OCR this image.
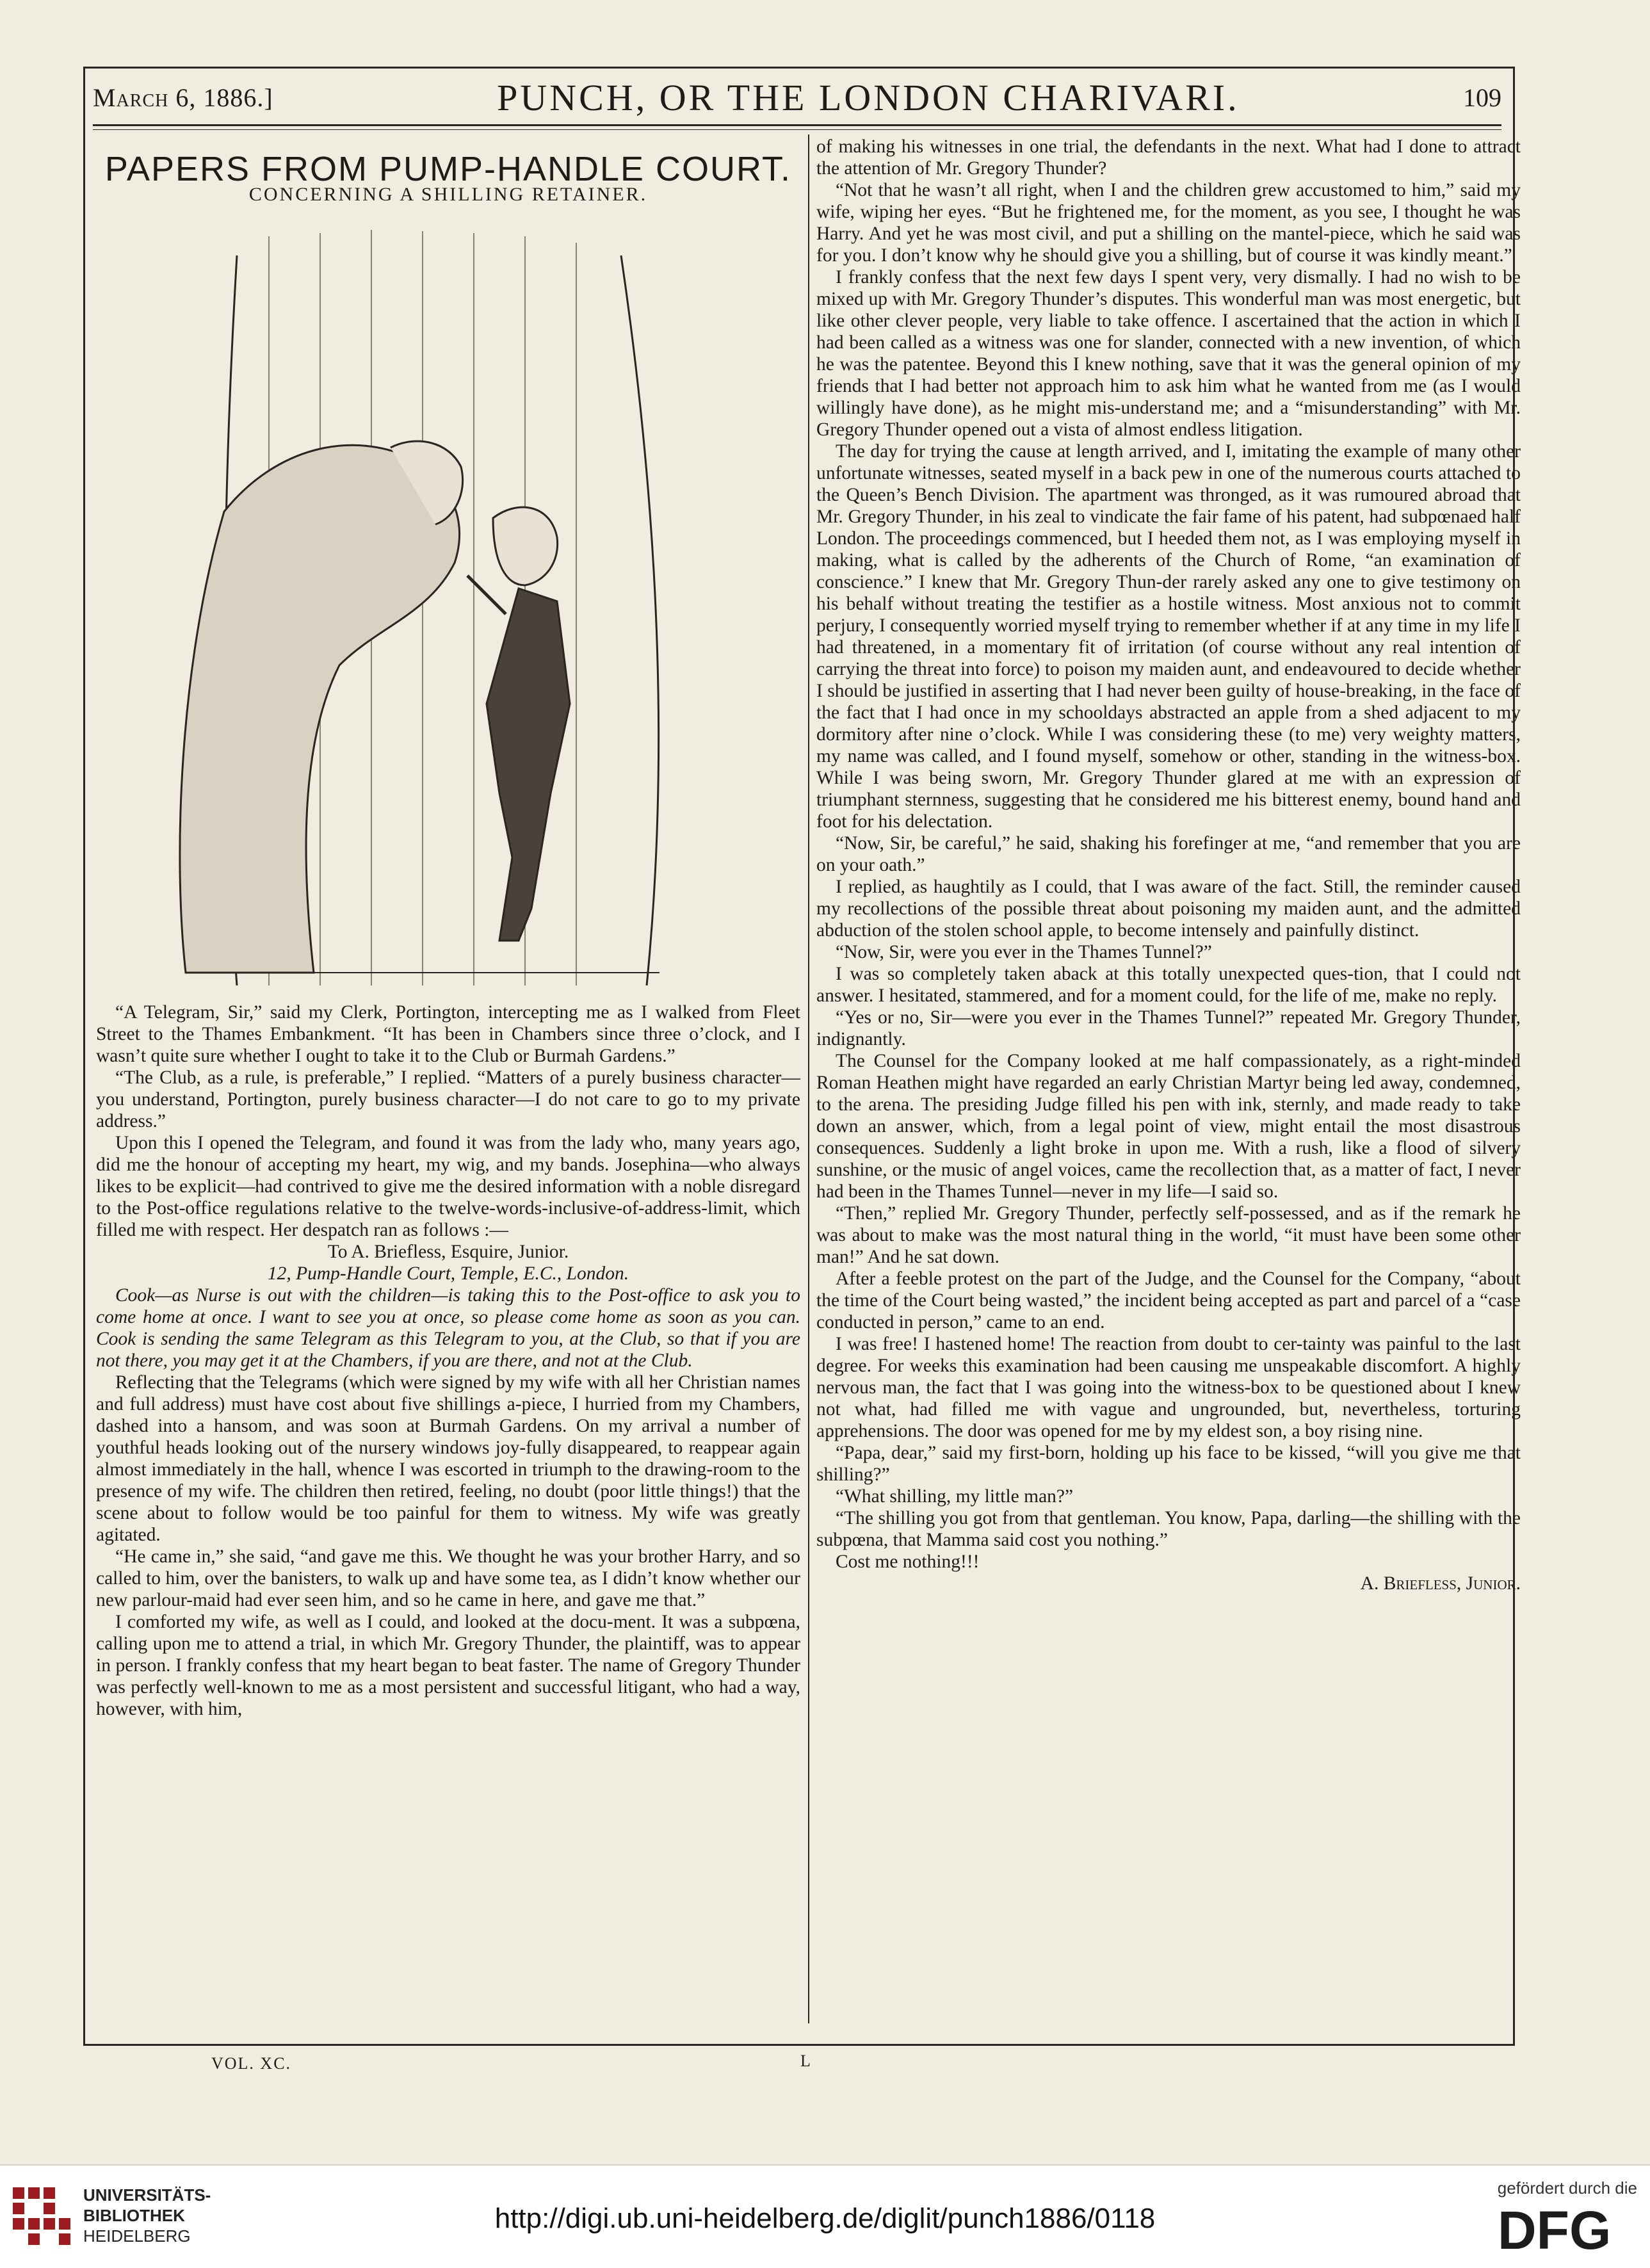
March 6, 1886.]	PUNCH, OR THE LONDON CHARIVARI.	109
PAPERS FROM PUMP-HANDLE COURT.
CONCERNING A SHILLING RETAINER.

“A Telegram, Sir,” said my Clerk, Portington, intercepting me as I walked from Fleet Street to the Thames Embankment. “It has been in Chambers since three o’clock, and I wasn’t quite sure whether I ought to take it to the Club or Burmah Gardens.”

“The Club, as a rule, is preferable,” I replied. “Matters of a purely business character—you understand, Portington, purely business character—I do not care to go to my private address.”

Upon this I opened the Telegram, and found it was from the lady who, many years ago, did me the honour of accepting my heart, my wig, and my bands. Josephina—who always likes to be explicit—had contrived to give me the desired information with a noble disregard to the Post-office regulations relative to the twelve-words-inclusive-of-address-limit, which filled me with respect. Her despatch ran as follows :—

To A. Briefless, Esquire, Junior.

12, Pump-Handle Court, Temple, E.C., London.

Cook—as Nurse is out with the children—is taking this to the Post-office to ask you to come home at once. I want to see you at once, so please come home as soon as you can. Cook is sending the same Telegram as this Telegram to you, at the Club, so that if you are not there, you may get it at the Chambers, if you are there, and not at the Club.

Reflecting that the Telegrams (which were signed by my wife with all her Christian names and full address) must have cost about five shillings a-piece, I hurried from my Chambers, dashed into a hansom, and was soon at Burmah Gardens. On my arrival a number of youthful heads looking out of the nursery windows joy-fully disappeared, to reappear again almost immediately in the hall, whence I was escorted in triumph to the drawing-room to the presence of my wife. The children then retired, feeling, no doubt (poor little things!) that the scene about to follow would be too painful for them to witness. My wife was greatly agitated.

“He came in,” she said, “and gave me this. We thought he was your brother Harry, and so called to him, over the banisters, to walk up and have some tea, as I didn’t know whether our new parlour-maid had ever seen him, and so he came in here, and gave me that.”

I comforted my wife, as well as I could, and looked at the docu-ment. It was a subpœna, calling upon me to attend a trial, in which Mr. Gregory Thunder, the plaintiff, was to appear in person. I frankly confess that my heart began to beat faster. The name of Gregory Thunder was perfectly well-known to me as a most persistent and successful litigant, who had a way, however, with him,

of making his witnesses in one trial, the defendants in the next. What had I done to attract the attention of Mr. Gregory Thunder?

“Not that he wasn’t all right, when I and the children grew accustomed to him,” said my wife, wiping her eyes. “But he frightened me, for the moment, as you see, I thought he was Harry. And yet he was most civil, and put a shilling on the mantel-piece, which he said was for you. I don’t know why he should give you a shilling, but of course it was kindly meant.”

I frankly confess that the next few days I spent very, very dismally. I had no wish to be mixed up with Mr. Gregory Thunder’s disputes. This wonderful man was most energetic, but like other clever people, very liable to take offence. I ascertained that the action in which I had been called as a witness was one for slander, connected with a new invention, of which he was the patentee. Beyond this I knew nothing, save that it was the general opinion of my friends that I had better not approach him to ask him what he wanted from me (as I would willingly have done), as he might mis-understand me; and a “misunderstanding” with Mr. Gregory Thunder opened out a vista of almost endless litigation.

The day for trying the cause at length arrived, and I, imitating the example of many other unfortunate witnesses, seated myself in a back pew in one of the numerous courts attached to the Queen’s Bench Division. The apartment was thronged, as it was rumoured abroad that Mr. Gregory Thunder, in his zeal to vindicate the fair fame of his patent, had subpœnaed half London. The proceedings commenced, but I heeded them not, as I was employing myself in making, what is called by the adherents of the Church of Rome, “an examination of conscience.” I knew that Mr. Gregory Thun-der rarely asked any one to give testimony on his behalf without treating the testifier as a hostile witness. Most anxious not to commit perjury, I consequently worried myself trying to remember whether if at any time in my life I had threatened, in a momentary fit of irritation (of course without any real intention of carrying the threat into force) to poison my maiden aunt, and endeavoured to decide whether I should be justified in asserting that I had never been guilty of house-breaking, in the face of the fact that I had once in my schooldays abstracted an apple from a shed adjacent to my dormitory after nine o’clock. While I was considering these (to me) very weighty matters, my name was called, and I found myself, somehow or other, standing in the witness-box. While I was being sworn, Mr. Gregory Thunder glared at me with an expression of triumphant sternness, suggesting that he considered me his bitterest enemy, bound hand and foot for his delectation.

“Now, Sir, be careful,” he said, shaking his forefinger at me, “and remember that you are on your oath.”

I replied, as haughtily as I could, that I was aware of the fact. Still, the reminder caused my recollections of the possible threat about poisoning my maiden aunt, and the admitted abduction of the stolen school apple, to become intensely and painfully distinct.

“Now, Sir, were you ever in the Thames Tunnel?”

I was so completely taken aback at this totally unexpected ques-tion, that I could not answer. I hesitated, stammered, and for a moment could, for the life of me, make no reply.

“Yes or no, Sir—were you ever in the Thames Tunnel?” repeated Mr. Gregory Thunder, indignantly.

The Counsel for the Company looked at me half compassionately, as a right-minded Roman Heathen might have regarded an early Christian Martyr being led away, condemned, to the arena. The presiding Judge filled his pen with ink, sternly, and made ready to take down an answer, which, from a legal point of view, might entail the most disastrous consequences. Suddenly a light broke in upon me. With a rush, like a flood of silvery sunshine, or the music of angel voices, came the recollection that, as a matter of fact, I never had been in the Thames Tunnel—never in my life—I said so.

“Then,” replied Mr. Gregory Thunder, perfectly self-possessed, and as if the remark he was about to make was the most natural thing in the world, “it must have been some other man!” And he sat down.

After a feeble protest on the part of the Judge, and the Counsel for the Company, “about the time of the Court being wasted,” the incident being accepted as part and parcel of a “case conducted in person,” came to an end.

I was free! I hastened home! The reaction from doubt to cer-tainty was painful to the last degree. For weeks this examination had been causing me unspeakable discomfort. A highly nervous man, the fact that I was going into the witness-box to be questioned about I knew not what, had filled me with vague and ungrounded, but, nevertheless, torturing apprehensions. The door was opened for me by my eldest son, a boy rising nine.

“Papa, dear,” said my first-born, holding up his face to be kissed, “will you give me that shilling?”

“What shilling, my little man?”

“The shilling you got from that gentleman. You know, Papa, darling—the shilling with the subpœna, that Mamma said cost you nothing.”

Cost me nothing!!!

A. Briefless, Junior.

VOL. XC.	L
UNIVERSITÄTS-
BIBLIOTHEK
HEIDELBERG
http://digi.ub.uni-heidelberg.de/diglit/punch1886/0118
gefördert durch die
DFG
